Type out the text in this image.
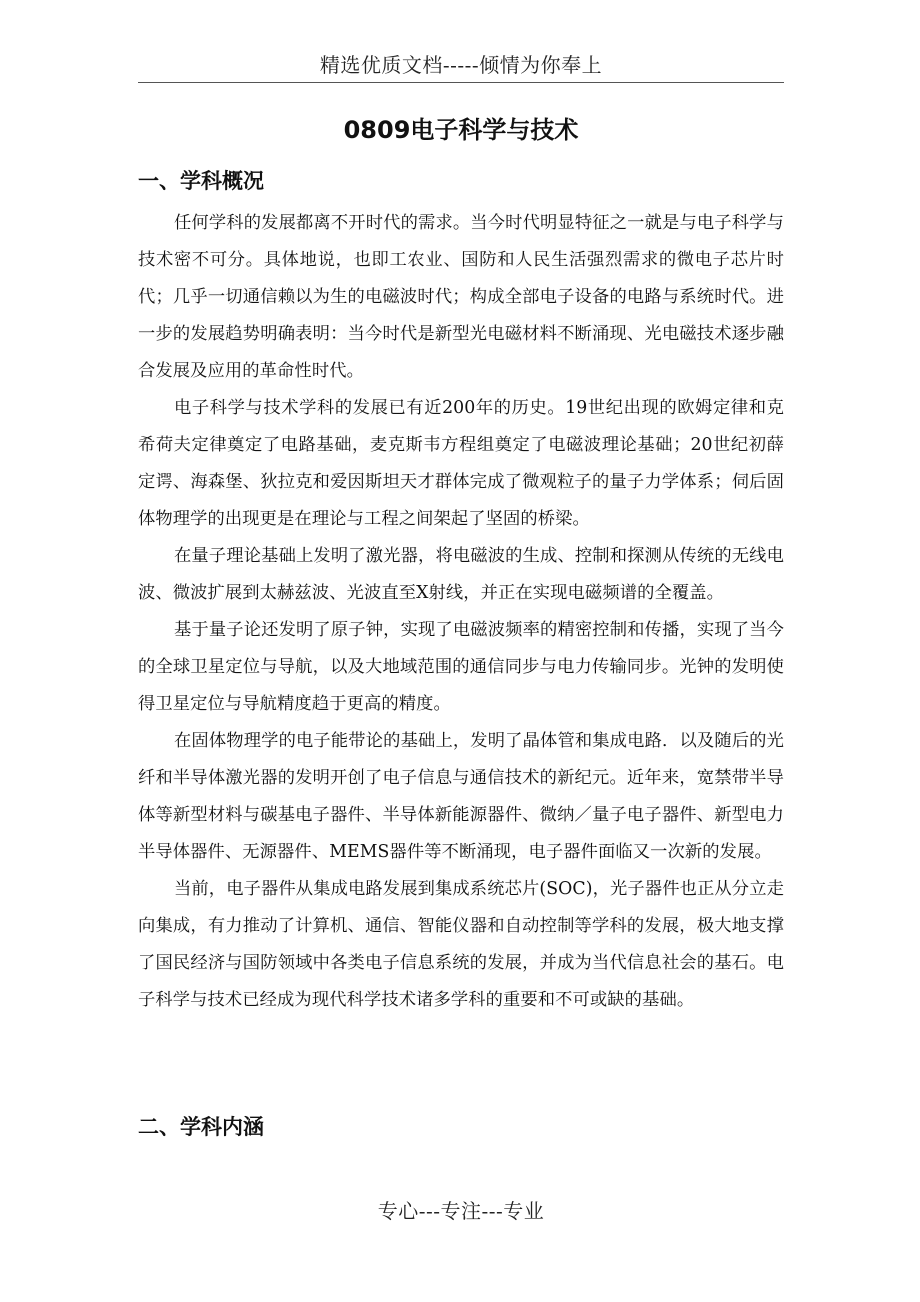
精选优质文档-----倾情为你奉上
0809电子科学与技术
一、学科概况

任何学科的发展都离不开时代的需求。当今时代明显特征之一就是与电子科学与技术密不可分。具体地说，也即工农业、国防和人民生活强烈需求的微电子芯片时代；几乎一切通信赖以为生的电磁波时代；构成全部电子设备的电路与系统时代。进一步的发展趋势明确表明：当今时代是新型光电磁材料不断涌现、光电磁技术逐步融合发展及应用的革命性时代。

电子科学与技术学科的发展已有近200年的历史。19世纪出现的欧姆定律和克希荷夫定律奠定了电路基础，麦克斯韦方程组奠定了电磁波理论基础；20世纪初薛定谔、海森堡、狄拉克和爱因斯坦天才群体完成了微观粒子的量子力学体系；伺后固体物理学的出现更是在理论与工程之间架起了坚固的桥梁。

在量子理论基础上发明了激光器，将电磁波的生成、控制和探测从传统的无线电波、微波扩展到太赫兹波、光波直至X射线，并正在实现电磁频谱的全覆盖。

基于量子论还发明了原子钟，实现了电磁波频率的精密控制和传播，实现了当今的全球卫星定位与导航，以及大地域范围的通信同步与电力传输同步。光钟的发明使得卫星定位与导航精度趋于更高的精度。

在固体物理学的电子能带论的基础上，发明了晶体管和集成电路．以及随后的光纤和半导体激光器的发明开创了电子信息与通信技术的新纪元。近年来，宽禁带半导体等新型材料与碳基电子器件、半导体新能源器件、微纳／量子电子器件、新型电力半导体器件、无源器件、MEMS器件等不断涌现，电子器件面临又一次新的发展。

当前，电子器件从集成电路发展到集成系统芯片(SOC)，光子器件也正从分立走向集成，有力推动了计算机、通信、智能仪器和自动控制等学科的发展，极大地支撑了国民经济与国防领域中各类电子信息系统的发展，并成为当代信息社会的基石。电子科学与技术已经成为现代科学技术诸多学科的重要和不可或缺的基础。

二、学科内涵
专心---专注---专业
